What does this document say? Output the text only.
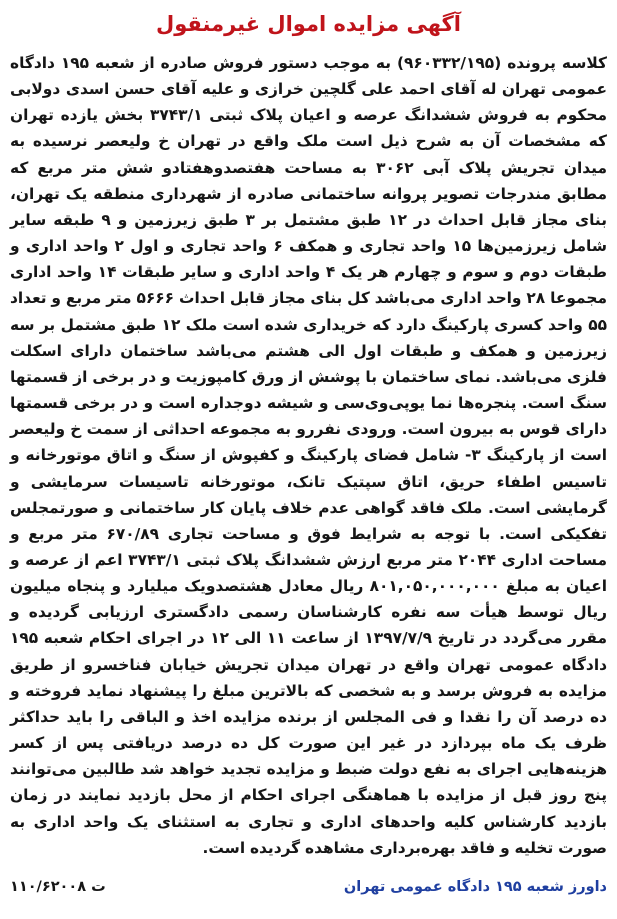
آگهی مزایده اموال غیرمنقول

کلاسه پرونده (۹۶۰۳۳۲/۱۹۵) به موجب دستور فروش صادره از شعبه ۱۹۵ دادگاه عمومی تهران له آقای احمد علی گلچین خرازی و علیه آقای حسن اسدی دولابی محکوم به فروش ششدانگ عرصه و اعیان پلاک ثبتی ۳۷۴۳/۱ بخش یازده تهران که مشخصات آن به شرح ذیل است ملک واقع در تهران خ ولیعصر نرسیده به میدان تجریش پلاک آبی ۳۰۶۲ به مساحت هفتصدوهفتادو شش متر مربع که مطابق مندرجات تصویر پروانه ساختمانی صادره از شهرداری منطقه یک تهران، بنای مجاز قابل احداث در ۱۲ طبق مشتمل بر ۳ طبق زیرزمین و ۹ طبقه سایر شامل زیرزمین‌ها ۱۵ واحد تجاری و همکف ۶ واحد تجاری و اول ۲ واحد اداری و طبقات دوم و سوم و چهارم هر یک ۴ واحد اداری و سایر طبقات ۱۴ واحد اداری مجموعا ۲۸ واحد اداری می‌باشد کل بنای مجاز قابل احداث ۵۶۶۶ متر مربع و تعداد ۵۵ واحد کسری پارکینگ دارد که خریداری شده است ملک ۱۲ طبق مشتمل بر سه زیرزمین و همکف و طبقات اول الی هشتم می‌باشد ساختمان دارای اسکلت فلزی می‌باشد. نمای ساختمان با پوشش از ورق کامپوزیت و در برخی از قسمتها سنگ است. پنجره‌ها نما یوپی‌وی‌سی و شیشه دوجداره است و در برخی قسمتها دارای قوس به بیرون است. ورودی نفررو به مجموعه احداثی از سمت خ ولیعصر است از پارکینگ ۳- شامل فضای پارکینگ و کفپوش از سنگ و اتاق موتورخانه و تاسیس اطفاء حریق، اتاق سپتیک تانک، موتورخانه تاسیسات سرمایشی و گرمایشی است. ملک فاقد گواهی عدم خلاف پایان کار ساختمانی و صورتمجلس تفکیکی است. با توجه به شرایط فوق و مساحت تجاری ۶۷۰/۸۹ متر مربع و مساحت اداری ۲۰۴۴ متر مربع ارزش ششدانگ پلاک ثبتی ۳۷۴۳/۱ اعم از عرصه و اعیان به مبلغ ۸۰۱,۰۵۰,۰۰۰,۰۰۰ ریال معادل هشتصدویک میلیارد و پنجاه میلیون ریال توسط هیأت سه نفره کارشناسان رسمی دادگستری ارزیابی گردیده و مقرر می‌گردد در تاریخ ۱۳۹۷/۷/۹ از ساعت ۱۱ الی ۱۲ در اجرای احکام شعبه ۱۹۵ دادگاه عمومی تهران واقع در تهران میدان تجریش خیابان فناخسرو از طریق مزایده به فروش برسد و به شخصی که بالاترین مبلغ را پیشنهاد نماید فروخته و ده درصد آن را نقدا و فی المجلس از برنده مزایده اخذ و الباقی را باید حداکثر ظرف یک ماه بپردازد در غیر این صورت کل ده درصد دریافتی پس از کسر هزینه‌هایی اجرای به نفع دولت ضبط و مزایده تجدید خواهد شد طالبین می‌توانند پنج روز قبل از مزایده با هماهنگی اجرای احکام از محل بازدید نمایند در زمان بازدید کارشناس کلیه واحدهای اداری و تجاری به استثنای یک واحد اداری به صورت تخلیه و فاقد بهره‌برداری مشاهده گردیده است.

داورز شعبه ۱۹۵ دادگاه عمومی تهران
۱۱۰/۶۲۰۰۸ ت
